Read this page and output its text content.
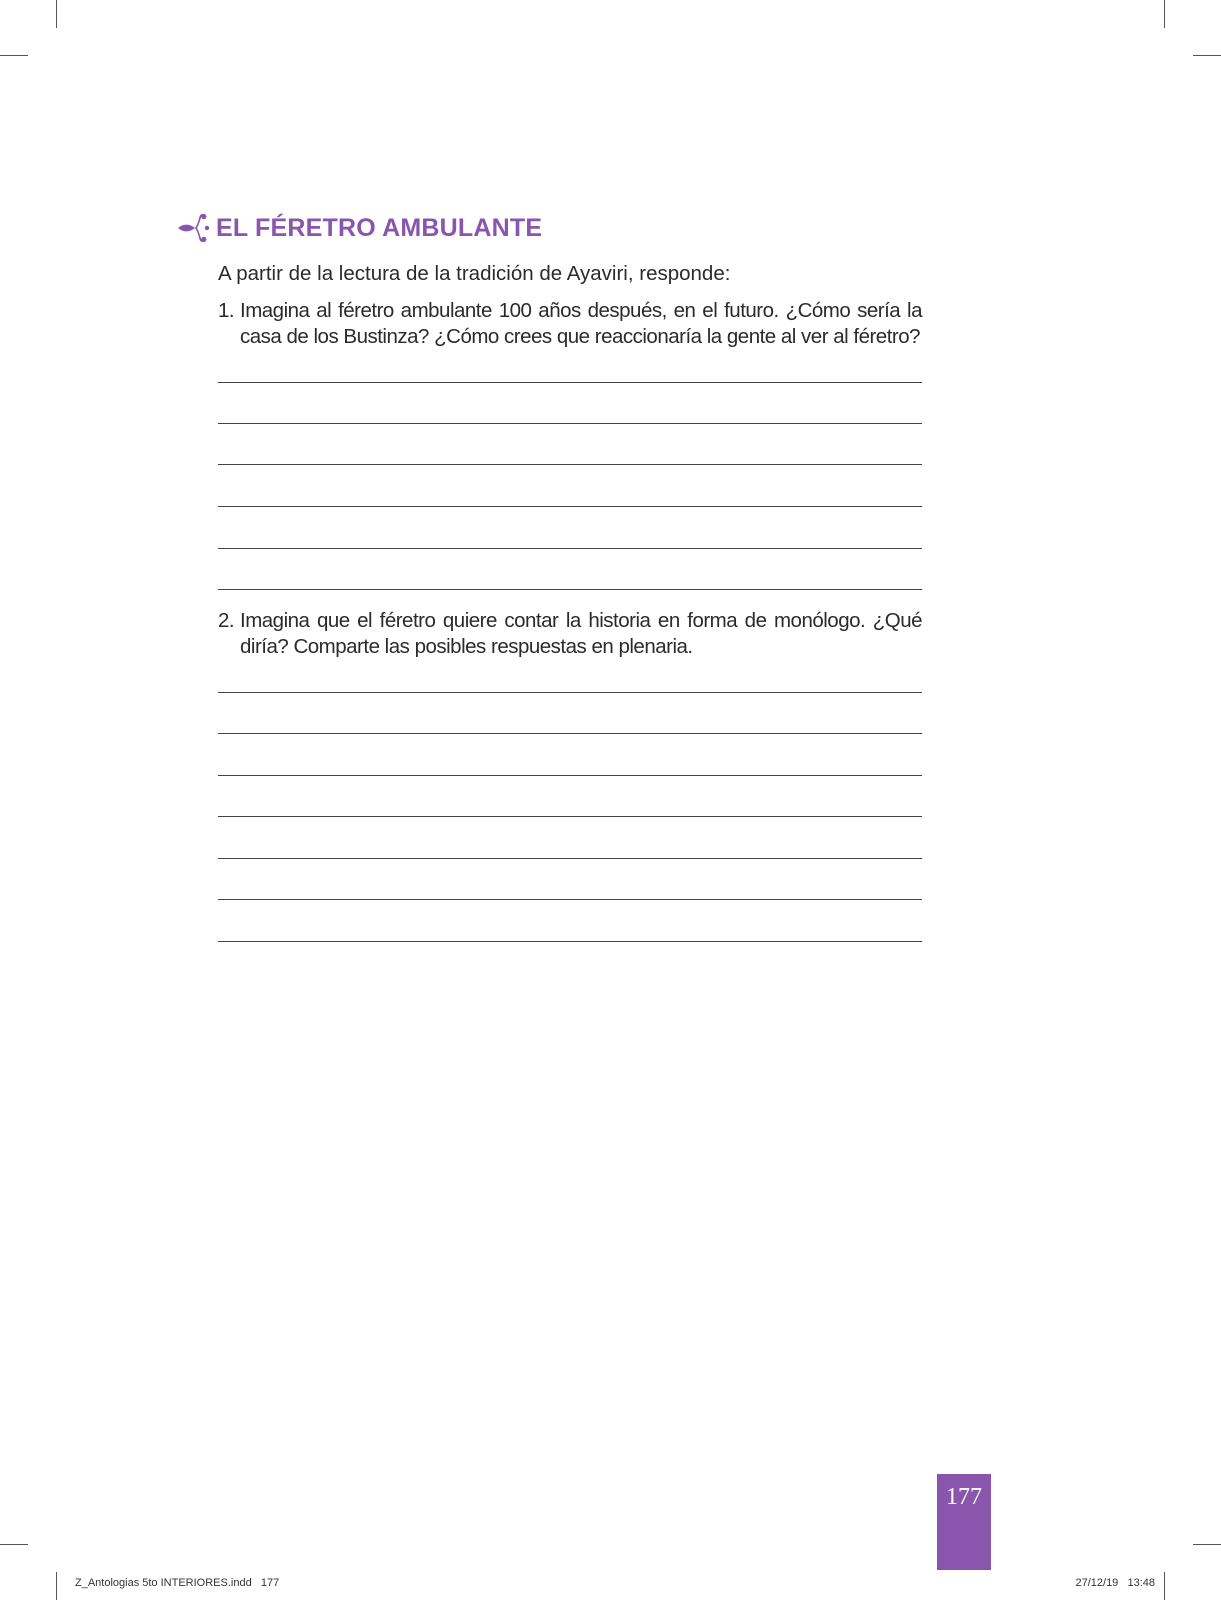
EL FÉRETRO AMBULANTE
A partir de la lectura de la tradición de Ayaviri, responde:
1. Imagina al féretro ambulante 100 años después, en el futuro. ¿Cómo sería la casa de los Bustinza? ¿Cómo crees que reaccionaría la gente al ver al féretro?
2. Imagina que el féretro quiere contar la historia en forma de monólogo. ¿Qué diría? Comparte las posibles respuestas en plenaria.
177
Z_Antologias 5to INTERIORES.indd   177	27/12/19   13:48
